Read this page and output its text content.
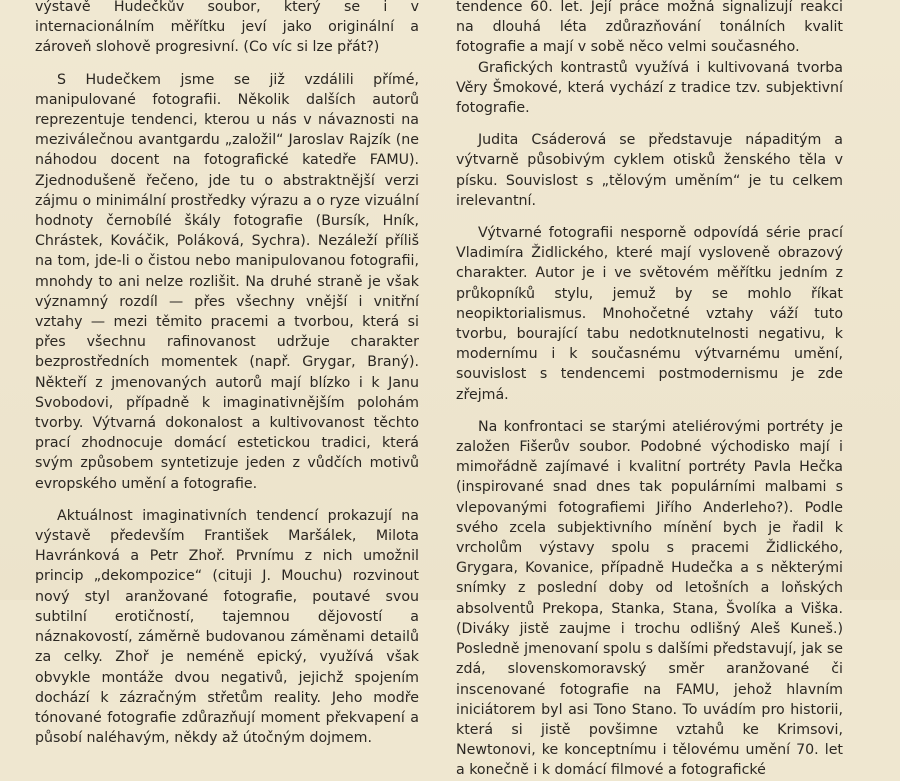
výstavě Hudečkův soubor, který se i v internacionálním měřítku jeví jako originální a zároveň slohově progresivní. (Co víc si lze přát?)

S Hudečkem jsme se již vzdálili přímé, manipulované fotografii. Několik dalších autorů reprezentuje tendenci, kterou u nás v návaznosti na meziválečnou avantgardu „založil“ Jaroslav Rajzík (ne náhodou docent na fotografické katedře FAMU). Zjednodušeně řečeno, jde tu o abstraktnější verzi zájmu o minimální prostředky výrazu a o ryze vizuální hodnoty černobílé škály fotografie (Bursík, Hník, Chrástek, Kováčik, Poláková, Sychra). Nezáleží příliš na tom, jde-li o čistou nebo manipulovanou fotografii, mnohdy to ani nelze rozlišit. Na druhé straně je však významný rozdíl — přes všechny vnější i vnitřní vztahy — mezi těmito pracemi a tvorbou, která si přes všechnu rafinovanost udržuje charakter bezprostředních momentek (např. Grygar, Braný). Někteří z jmenovaných autorů mají blízko i k Janu Svobodovi, případně k imaginativnějším polohám tvorby. Výtvarná dokonalost a kultivovanost těchto prací zhodnocuje domácí estetickou tradici, která svým způsobem syntetizuje jeden z vůdčích motivů evropského umění a fotografie.

Aktuálnost imaginativních tendencí prokazují na výstavě především František Maršálek, Milota Havránková a Petr Zhoř. Prvnímu z nich umožnil princip „dekompozice“ (cituji J. Mouchu) rozvinout nový styl aranžované fotografie, poutavé svou subtilní erotičností, tajemnou dějovostí a náznakovostí, záměrně budovanou záměnami detailů za celky. Zhoř je neméně epický, využívá však obvykle montáže dvou negativů, jejichž spojením dochází k zázračným střetům reality. Jeho modře tónované fotografie zdůrazňují moment překvapení a působí naléhavým, někdy až útočným dojmem.

tendence 60. let. Její práce možná signalizují reakci na dlouhá léta zdůrazňování tonálních kvalit fotografie a mají v sobě něco velmi současného.

Grafických kontrastů využívá i kultivovaná tvorba Věry Šmokové, která vychází z tradice tzv. subjektivní fotografie.

Judita Csáderová se představuje nápaditým a výtvarně působivým cyklem otisků ženského těla v písku. Souvislost s „tělovým uměním“ je tu celkem irelevantní.

Výtvarné fotografii nesporně odpovídá série prací Vladimíra Židlického, které mají vysloveně obrazový charakter. Autor je i ve světovém měřítku jedním z průkopníků stylu, jemuž by se mohlo říkat neopiktorialismus. Mnohočetné vztahy váží tuto tvorbu, bourající tabu nedotknutelnosti negativu, k modernímu i k současnému výtvarnému umění, souvislost s tendencemi postmodernismu je zde zřejmá.

Na konfrontaci se starými ateliérovými portréty je založen Fišerův soubor. Podobné východisko mají i mimořádně zajímavé i kvalitní portréty Pavla Hečka (inspirované snad dnes tak populárními malbami s vlepovanými fotografiemi Jiřího Anderleho?). Podle svého zcela subjektivního mínění bych je řadil k vrcholům výstavy spolu s pracemi Židlického, Grygara, Kovanice, případně Hudečka a s některými snímky z poslední doby od letošních a loňských absolventů Prekopa, Stanka, Stana, Švolíka a Viška. (Diváky jistě zaujme i trochu odlišný Aleš Kuneš.) Posledně jmenovaní spolu s dalšími představují, jak se zdá, slovenskomoravský směr aranžované či inscenované fotografie na FAMU, jehož hlavním iniciátorem byl asi Tono Stano. To uvádím pro historii, která si jistě povšimne vztahů ke Krimsovi, Newtonovi, ke konceptnímu i tělovému umění 70. let a konečně i k domácí filmové a fotografické
